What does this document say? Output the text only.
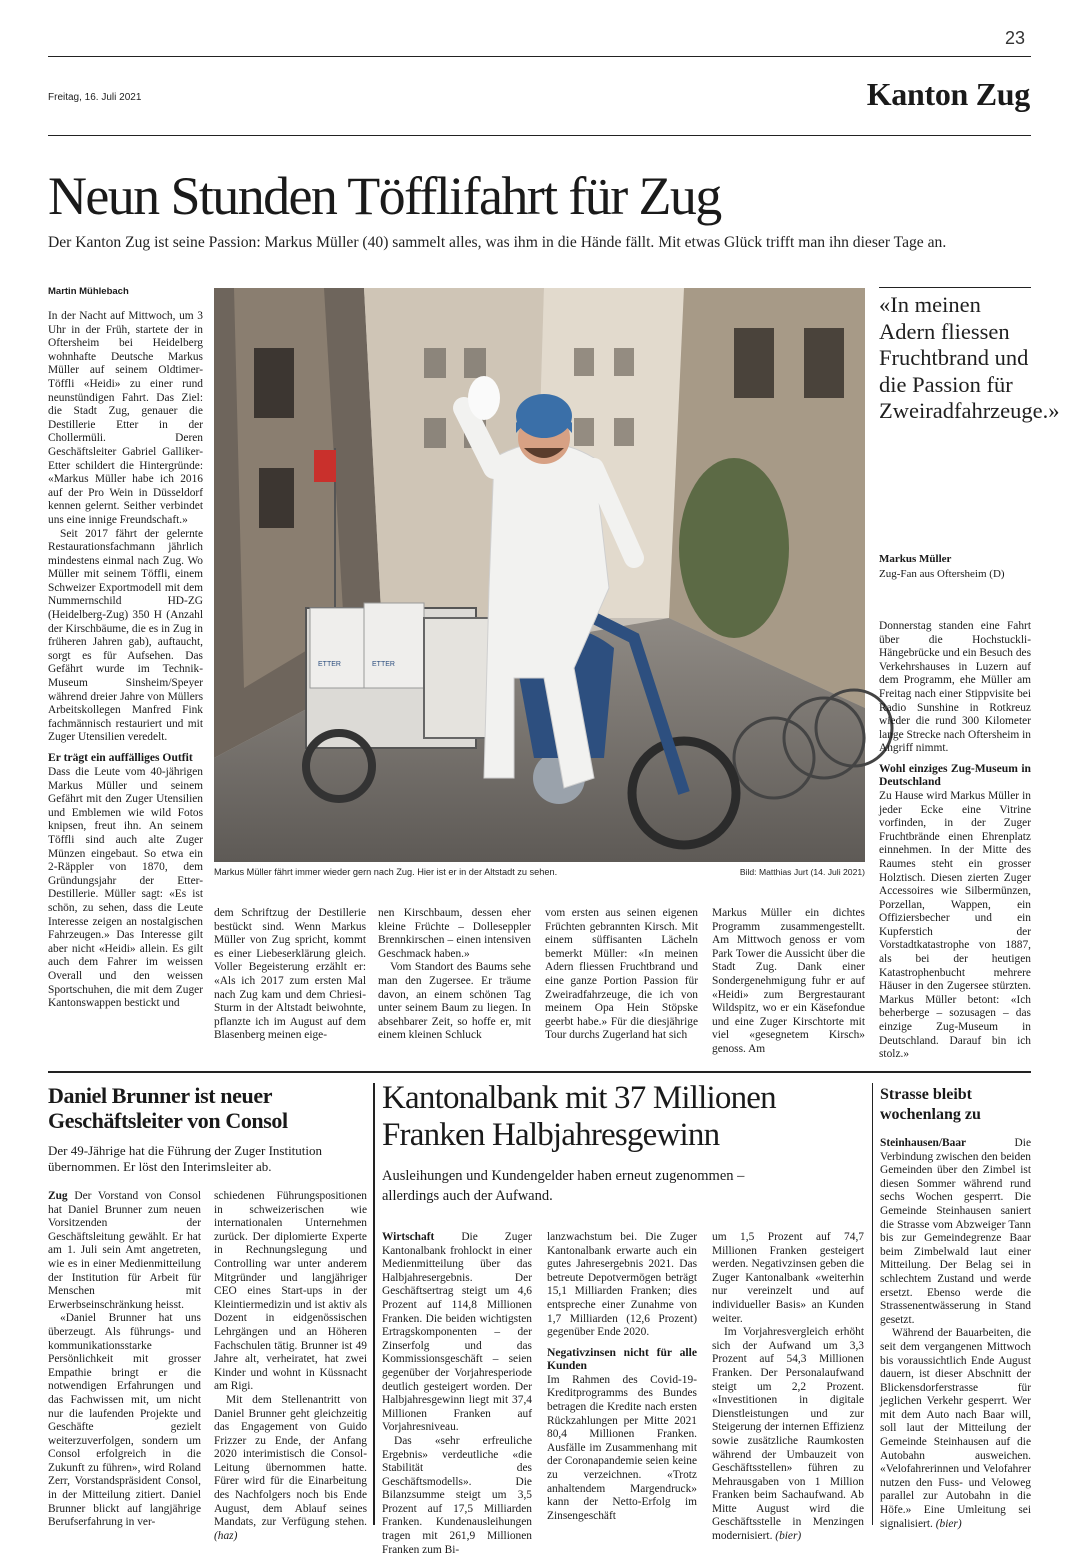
23
Freitag, 16. Juli 2021	Kanton Zug
Neun Stunden Töfflifahrt für Zug
Der Kanton Zug ist seine Passion: Markus Müller (40) sammelt alles, was ihm in die Hände fällt. Mit etwas Glück trifft man ihn dieser Tage an.
Martin Mühlebach

In der Nacht auf Mittwoch, um 3 Uhr in der Früh, startete der in Oftersheim bei Heidelberg wohnhafte Deutsche Markus Müller auf seinem Oldtimer-Töffli «Heidi» zu einer rund neunstündigen Fahrt. Das Ziel: die Stadt Zug, genauer die Destillerie Etter in der Chollermüli. Deren Geschäftsleiter Gabriel Galliker-Etter schildert die Hintergründe: «Markus Müller habe ich 2016 auf der Pro Wein in Düsseldorf kennen gelernt. Seither verbindet uns eine innige Freundschaft.»

Seit 2017 fährt der gelernte Restaurationsfachmann jährlich mindestens einmal nach Zug. Wo Müller mit seinem Töffli, einem Schweizer Exportmodell mit dem Nummernschild HD-ZG (Heidelberg-Zug) 350 H (Anzahl der Kirschbäume, die es in Zug in früheren Jahren gab), auftaucht, sorgt es für Aufsehen. Das Gefährt wurde im Technik-Museum Sinsheim/Speyer während dreier Jahre von Müllers Arbeitskollegen Manfred Fink fachmännisch restauriert und mit Zuger Utensilien veredelt.

Er trägt ein auffälliges Outfit

Dass die Leute vom 40-jährigen Markus Müller und seinem Gefährt mit den Zuger Utensilien und Emblemen wie wild Fotos knipsen, freut ihn. An seinem Töffli sind auch alte Zuger Münzen eingebaut. So etwa ein 2-Räppler von 1870, dem Gründungsjahr der Etter-Destillerie. Müller sagt: «Es ist schön, zu sehen, dass die Leute Interesse zeigen an nostalgischen Fahrzeugen.» Das Interesse gilt aber nicht «Heidi» allein. Es gilt auch dem Fahrer im weissen Overall und den weissen Sportschuhen, die mit dem Zuger Kantonswappen bestickt und

ETTER	ETTER
Markus Müller fährt immer wieder gern nach Zug. Hier ist er in der Altstadt zu sehen.	Bild: Matthias Jurt (14. Juli 2021)

dem Schriftzug der Destillerie bestückt sind. Wenn Markus Müller von Zug spricht, kommt es einer Liebeserklärung gleich. Voller Begeisterung erzählt er: «Als ich 2017 zum ersten Mal nach Zug kam und dem Chriesi-Sturm in der Altstadt beiwohnte, pflanzte ich im August auf dem Blasenberg meinen eige-

nen Kirschbaum, dessen eher kleine Früchte – Dolleseppler Brennkirschen – einen intensiven Geschmack haben.»

Vom Standort des Baums sehe man den Zugersee. Er träume davon, an einem schönen Tag unter seinem Baum zu liegen. In absehbarer Zeit, so hoffe er, mit einem kleinen Schluck

vom ersten aus seinen eigenen Früchten gebrannten Kirsch. Mit einem süffisanten Lächeln bemerkt Müller: «In meinen Adern fliessen Fruchtbrand und eine ganze Portion Passion für Zweiradfahrzeuge, die ich von meinem Opa Hein Stöpske geerbt habe.» Für die diesjährige Tour durchs Zugerland hat sich

Markus Müller ein dichtes Programm zusammengestellt. Am Mittwoch genoss er vom Park Tower die Aussicht über die Stadt Zug. Dank einer Sondergenehmigung fuhr er auf «Heidi» zum Bergrestaurant Wildspitz, wo er ein Käsefondue und eine Zuger Kirschtorte mit viel «gesegnetem Kirsch» genoss. Am

«In meinen Adern fliessen Fruchtbrand und die Passion für Zweiradfahrzeuge.»
Markus Müller
Zug-Fan aus Oftersheim (D)

Donnerstag standen eine Fahrt über die Hochstuckli-Hängebrücke und ein Besuch des Verkehrshauses in Luzern auf dem Programm, ehe Müller am Freitag nach einer Stippvisite bei Radio Sunshine in Rotkreuz wieder die rund 300 Kilometer lange Strecke nach Oftersheim in Angriff nimmt.

Wohl einziges Zug-Museum in Deutschland

Zu Hause wird Markus Müller in jeder Ecke eine Vitrine vorfinden, in der Zuger Fruchtbrände einen Ehrenplatz einnehmen. In der Mitte des Raumes steht ein grosser Holztisch. Diesen zierten Zuger Accessoires wie Silbermünzen, Porzellan, Wappen, ein Offiziersbecher und ein Kupferstich der Vorstadtkatastrophe von 1887, als bei der heutigen Katastrophenbucht mehrere Häuser in den Zugersee stürzten. Markus Müller betont: «Ich beherberge – sozusagen – das einzige Zug-Museum in Deutschland. Darauf bin ich stolz.»

Daniel Brunner ist neuer Geschäftsleiter von Consol
Der 49-Jährige hat die Führung der Zuger Institution übernommen. Er löst den Interimsleiter ab.

Zug Der Vorstand von Consol hat Daniel Brunner zum neuen Vorsitzenden der Geschäftsleitung gewählt. Er hat am 1. Juli sein Amt angetreten, wie es in einer Medienmitteilung der Institution für Arbeit für Menschen mit Erwerbseinschränkung heisst.

«Daniel Brunner hat uns überzeugt. Als führungs- und kommunikationsstarke Persönlichkeit mit grosser Empathie bringt er die notwendigen Erfahrungen und das Fachwissen mit, um nicht nur die laufenden Projekte und Geschäfte gezielt weiterzuverfolgen, sondern um Consol erfolgreich in die Zukunft zu führen», wird Roland Zerr, Vorstandspräsident Consol, in der Mitteilung zitiert. Daniel Brunner blickt auf langjährige Berufserfahrung in ver-

schiedenen Führungspositionen in schweizerischen wie internationalen Unternehmen zurück. Der diplomierte Experte in Rechnungslegung und Controlling war unter anderem Mitgründer und langjähriger CEO eines Start-ups in der Kleintiermedizin und ist aktiv als Dozent in eidgenössischen Lehrgängen und an Höheren Fachschulen tätig. Brunner ist 49 Jahre alt, verheiratet, hat zwei Kinder und wohnt in Küssnacht am Rigi.

Mit dem Stellenantritt von Daniel Brunner geht gleichzeitig das Engagement von Guido Frizzer zu Ende, der Anfang 2020 interimistisch die Consol-Leitung übernommen hatte. Fürer wird für die Einarbeitung des Nachfolgers noch bis Ende August, dem Ablauf seines Mandats, zur Verfügung stehen. (haz)

Kantonalbank mit 37 Millionen Franken Halbjahresgewinn
Ausleihungen und Kundengelder haben erneut zugenommen – allerdings auch der Aufwand.

Wirtschaft Die Zuger Kantonalbank frohlockt in einer Medienmitteilung über das Halbjahresergebnis. Der Geschäftsertrag steigt um 4,6 Prozent auf 114,8 Millionen Franken. Die beiden wichtigsten Ertragskomponenten – der Zinserfolg und das Kommissionsgeschäft – seien gegenüber der Vorjahresperiode deutlich gesteigert worden. Der Halbjahresgewinn liegt mit 37,4 Millionen Franken auf Vorjahresniveau.

Das «sehr erfreuliche Ergebnis» verdeutliche «die Stabilität des Geschäftsmodells». Die Bilanzsumme steigt um 3,5 Prozent auf 17,5 Milliarden Franken. Kundenausleihungen tragen mit 261,9 Millionen Franken zum Bi-

lanzwachstum bei. Die Zuger Kantonalbank erwarte auch ein gutes Jahresergebnis 2021. Das betreute Depotvermögen beträgt 15,1 Milliarden Franken; dies entspreche einer Zunahme von 1,7 Milliarden (12,6 Prozent) gegenüber Ende 2020.

Negativzinsen nicht für alle Kunden

Im Rahmen des Covid-19-Kreditprogramms des Bundes betragen die Kredite nach ersten Rückzahlungen per Mitte 2021 80,4 Millionen Franken. Ausfälle im Zusammenhang mit der Coronapandemie seien keine zu verzeichnen. «Trotz anhaltendem Margendruck» kann der Netto-Erfolg im Zinsengeschäft

um 1,5 Prozent auf 74,7 Millionen Franken gesteigert werden. Negativzinsen geben die Zuger Kantonalbank «weiterhin nur vereinzelt und auf individueller Basis» an Kunden weiter.

Im Vorjahresvergleich erhöht sich der Aufwand um 3,3 Prozent auf 54,3 Millionen Franken. Der Personalaufwand steigt um 2,2 Prozent. «Investitionen in digitale Dienstleistungen und zur Steigerung der internen Effizienz sowie zusätzliche Raumkosten während der Umbauzeit von Geschäftsstellen» führen zu Mehrausgaben von 1 Million Franken beim Sachaufwand. Ab Mitte August wird die Geschäftsstelle in Menzingen modernisiert. (bier)

Strasse bleibt wochenlang zu

Steinhausen/Baar	Die Verbindung zwischen den beiden Gemeinden über den Zimbel ist diesen Sommer während rund sechs Wochen gesperrt. Die Gemeinde Steinhausen saniert die Strasse vom Abzweiger Tann bis zur Gemeindegrenze Baar beim Zimbelwald laut einer Mitteilung. Der Belag sei in schlechtem Zustand und werde ersetzt. Ebenso werde die Strassenentwässerung in Stand gesetzt.

Während der Bauarbeiten, die seit dem vergangenen Mittwoch bis voraussichtlich Ende August dauern, ist dieser Abschnitt der Blickensdorferstrasse für jeglichen Verkehr gesperrt. Wer mit dem Auto nach Baar will, soll laut der Mitteilung der Gemeinde Steinhausen auf die Autobahn ausweichen. «Velofahrerinnen und Velofahrer nutzen den Fuss- und Veloweg parallel zur Autobahn in die Höfe.» Eine Umleitung sei signalisiert. (bier)
